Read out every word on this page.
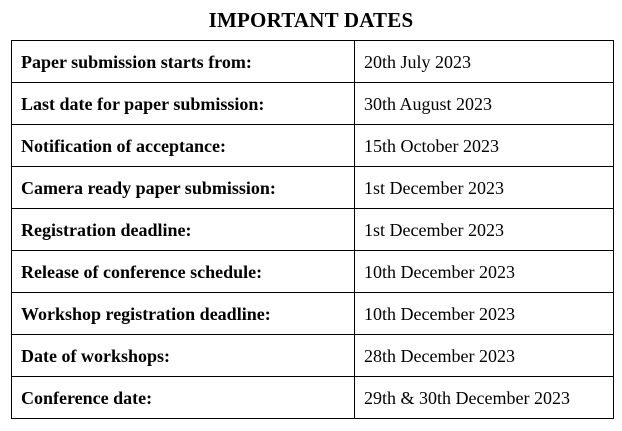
IMPORTANT DATES
Paper submission starts from:	20th July 2023
Last date for paper submission:	30th August 2023
Notification of acceptance:	15th October 2023
Camera ready paper submission:	1st December 2023
Registration deadline:	1st December 2023
Release of conference schedule:	10th December 2023
Workshop registration deadline:	10th December 2023
Date of workshops:	28th December 2023
Conference date:	29th & 30th December 2023
